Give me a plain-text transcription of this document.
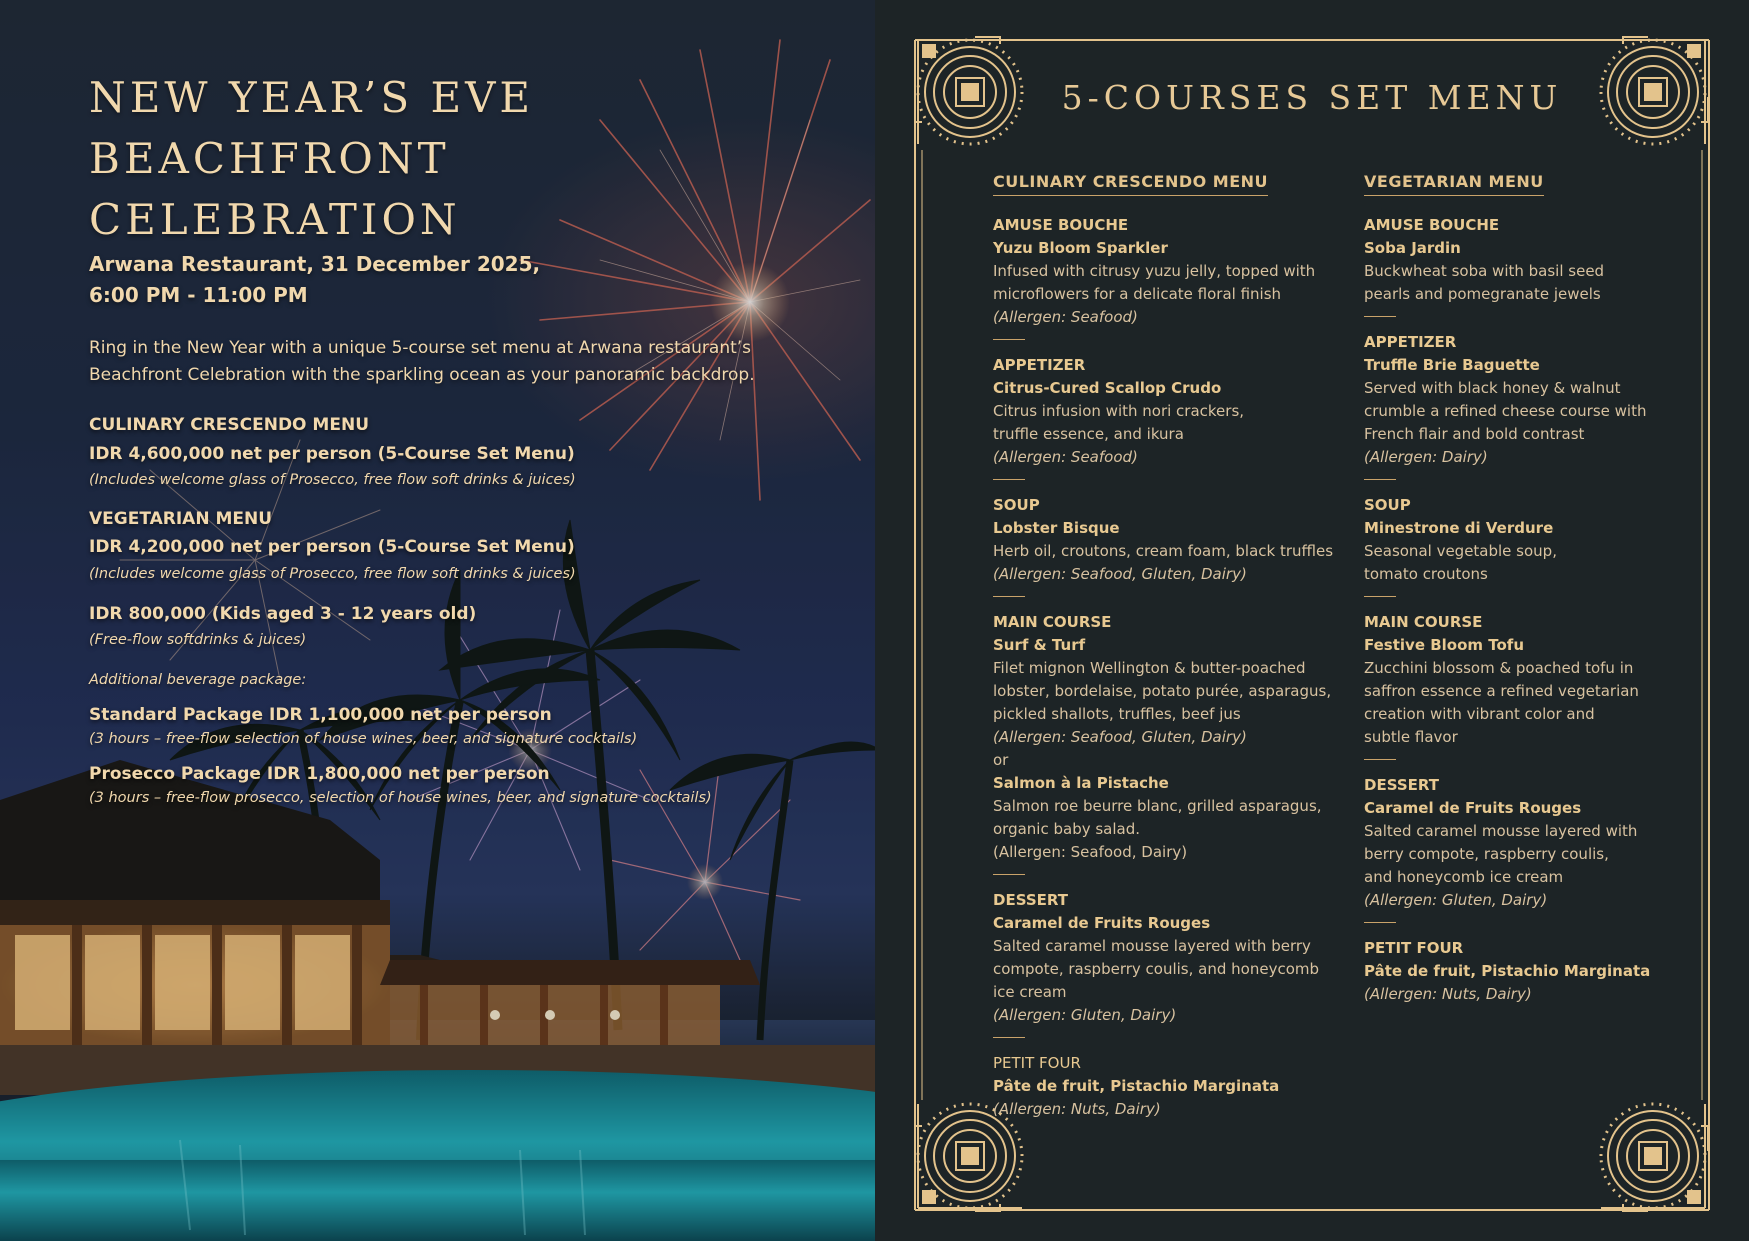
NEW YEAR’S EVE
BEACHFRONT
CELEBRATION
Arwana Restaurant, 31 December 2025,
6:00 PM - 11:00 PM
Ring in the New Year with a unique 5-course set menu at Arwana restaurant’s
Beachfront Celebration with the sparkling ocean as your panoramic backdrop.
CULINARY CRESCENDO MENU
IDR 4,600,000 net per person (5-Course Set Menu)
(Includes welcome glass of Prosecco, free flow soft drinks & juices)
VEGETARIAN MENU
IDR 4,200,000 net per person (5-Course Set Menu)
(Includes welcome glass of Prosecco, free flow soft drinks & juices)
IDR 800,000 (Kids aged 3 - 12 years old)
(Free-flow softdrinks & juices)
Additional beverage package:
Standard Package IDR 1,100,000 net per person
(3 hours – free-flow selection of house wines, beer, and signature cocktails)
Prosecco Package IDR 1,800,000 net per person
(3 hours – free-flow prosecco, selection of house wines, beer, and signature cocktails)
5-COURSES SET MENU
CULINARY CRESCENDO MENU
AMUSE BOUCHE
Yuzu Bloom Sparkler
Infused with citrusy yuzu jelly, topped with
microflowers for a delicate floral finish
(Allergen: Seafood)
APPETIZER
Citrus-Cured Scallop Crudo
Citrus infusion with nori crackers,
truffle essence, and ikura
(Allergen: Seafood)
SOUP
Lobster Bisque
Herb oil, croutons, cream foam, black truffles
(Allergen: Seafood, Gluten, Dairy)
MAIN COURSE
Surf & Turf
Filet mignon Wellington & butter-poached
lobster, bordelaise, potato purée, asparagus,
pickled shallots, truffles, beef jus
(Allergen: Seafood, Gluten, Dairy)
or
Salmon à la Pistache
Salmon roe beurre blanc, grilled asparagus,
organic baby salad.
(Allergen: Seafood, Dairy)
DESSERT
Caramel de Fruits Rouges
Salted caramel mousse layered with berry
compote, raspberry coulis, and honeycomb
ice cream
(Allergen: Gluten, Dairy)
PETIT FOUR
Pâte de fruit, Pistachio Marginata
(Allergen: Nuts, Dairy)
VEGETARIAN MENU
AMUSE BOUCHE
Soba Jardin
Buckwheat soba with basil seed
pearls and pomegranate jewels
APPETIZER
Truffle Brie Baguette
Served with black honey & walnut
crumble a refined cheese course with
French flair and bold contrast
(Allergen: Dairy)
SOUP
Minestrone di Verdure
Seasonal vegetable soup,
tomato croutons
MAIN COURSE
Festive Bloom Tofu
Zucchini blossom & poached tofu in
saffron essence a refined vegetarian
creation with vibrant color and
subtle flavor
DESSERT
Caramel de Fruits Rouges
Salted caramel mousse layered with
berry compote, raspberry coulis,
and honeycomb ice cream
(Allergen: Gluten, Dairy)
PETIT FOUR
Pâte de fruit, Pistachio Marginata
(Allergen: Nuts, Dairy)
